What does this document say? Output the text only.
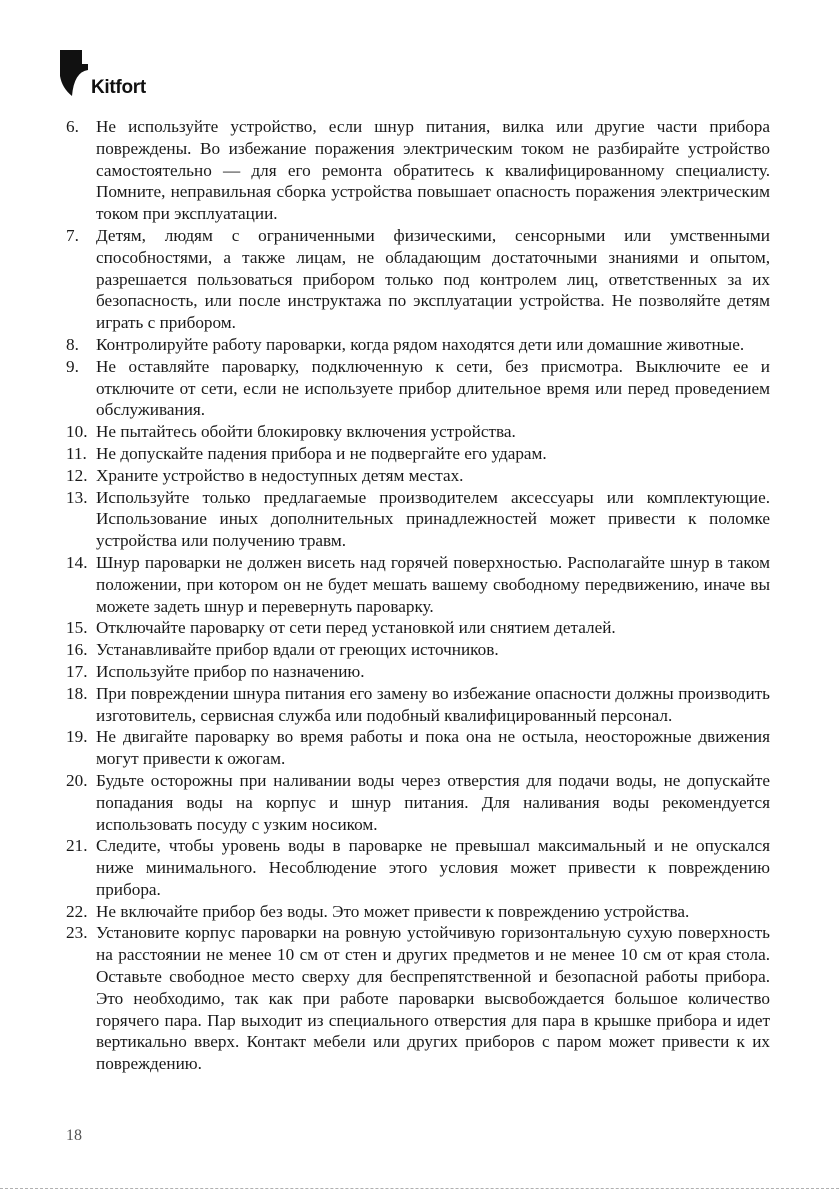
Kitfort
6. Не используйте устройство, если шнур питания, вилка или другие части прибора повреждены. Во избежание поражения электрическим током не разбирайте устройство самостоятельно — для его ремонта обратитесь к квалифицированному специалисту. Помните, неправильная сборка устройства повышает опасность поражения электрическим током при эксплуатации.
7. Детям, людям с ограниченными физическими, сенсорными или умственными способностями, а также лицам, не обладающим достаточными знаниями и опытом, разрешается пользоваться прибором только под контролем лиц, ответственных за их безопасность, или после инструктажа по эксплуатации устройства. Не позволяйте детям играть с прибором.
8. Контролируйте работу пароварки, когда рядом находятся дети или домашние животные.
9. Не оставляйте пароварку, подключенную к сети, без присмотра. Выключите ее и отключите от сети, если не используете прибор длительное время или перед проведением обслуживания.
10. Не пытайтесь обойти блокировку включения устройства.
11. Не допускайте падения прибора и не подвергайте его ударам.
12. Храните устройство в недоступных детям местах.
13. Используйте только предлагаемые производителем аксессуары или комплектующие. Использование иных дополнительных принадлежностей может привести к поломке устройства или получению травм.
14. Шнур пароварки не должен висеть над горячей поверхностью. Располагайте шнур в таком положении, при котором он не будет мешать вашему свободному передвижению, иначе вы можете задеть шнур и перевернуть пароварку.
15. Отключайте пароварку от сети перед установкой или снятием деталей.
16. Устанавливайте прибор вдали от греющих источников.
17. Используйте прибор по назначению.
18. При повреждении шнура питания его замену во избежание опасности должны производить изготовитель, сервисная служба или подобный квалифицированный персонал.
19. Не двигайте пароварку во время работы и пока она не остыла, неосторожные движения могут привести к ожогам.
20. Будьте осторожны при наливании воды через отверстия для подачи воды, не допускайте попадания воды на корпус и шнур питания. Для наливания воды рекомендуется использовать посуду с узким носиком.
21. Следите, чтобы уровень воды в пароварке не превышал максимальный и не опускался ниже минимального. Несоблюдение этого условия может привести к повреждению прибора.
22. Не включайте прибор без воды. Это может привести к повреждению устройства.
23. Установите корпус пароварки на ровную устойчивую горизонтальную сухую поверхность на расстоянии не менее 10 см от стен и других предметов и не менее 10 см от края стола. Оставьте свободное место сверху для беспрепятственной и безопасной работы прибора. Это необходимо, так как при работе пароварки высвобождается большое количество горячего пара. Пар выходит из специального отверстия для пара в крышке прибора и идет вертикально вверх. Контакт мебели или других приборов с паром может привести к их повреждению.
18
